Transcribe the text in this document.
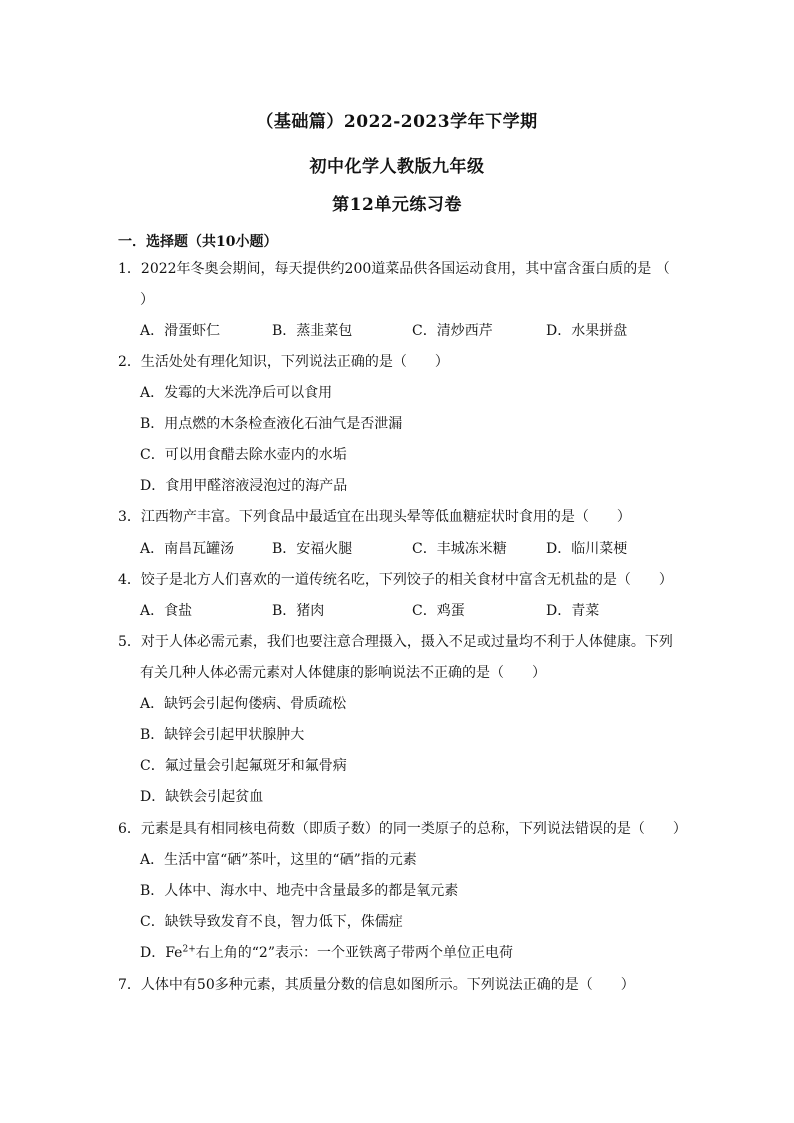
（基础篇）2022-2023学年下学期
初中化学人教版九年级
第12单元练习卷
一．选择题（共10小题）
1．2022年冬奥会期间，每天提供约200道菜品供各国运动食用，其中富含蛋白质的是 （
）
A．滑蛋虾仁	B．蒸韭菜包	C．清炒西芹	D．水果拼盘
2．生活处处有理化知识，下列说法正确的是（　　）
A．发霉的大米洗净后可以食用
B．用点燃的木条检查液化石油气是否泄漏
C．可以用食醋去除水壶内的水垢
D．食用甲醛溶液浸泡过的海产品
3．江西物产丰富。下列食品中最适宜在出现头晕等低血糖症状时食用的是（　　）
A．南昌瓦罐汤	B．安福火腿	C．丰城冻米糖	D．临川菜梗
4．饺子是北方人们喜欢的一道传统名吃，下列饺子的相关食材中富含无机盐的是（　　）
A．食盐	B．猪肉	C．鸡蛋	D．青菜
5．对于人体必需元素，我们也要注意合理摄入，摄入不足或过量均不利于人体健康。下列
有关几种人体必需元素对人体健康的影响说法不正确的是（　　）
A．缺钙会引起佝偻病、骨质疏松
B．缺锌会引起甲状腺肿大
C．氟过量会引起氟斑牙和氟骨病
D．缺铁会引起贫血
6．元素是具有相同核电荷数（即质子数）的同一类原子的总称，下列说法错误的是（　　）
A．生活中富“硒”茶叶，这里的“硒”指的元素
B．人体中、海水中、地壳中含量最多的都是氧元素
C．缺铁导致发育不良，智力低下，侏儒症
D．$Fe^{2+}$右上角的“2”表示：一个亚铁离子带两个单位正电荷
7．人体中有50多种元素，其质量分数的信息如图所示。下列说法正确的是（　　）
